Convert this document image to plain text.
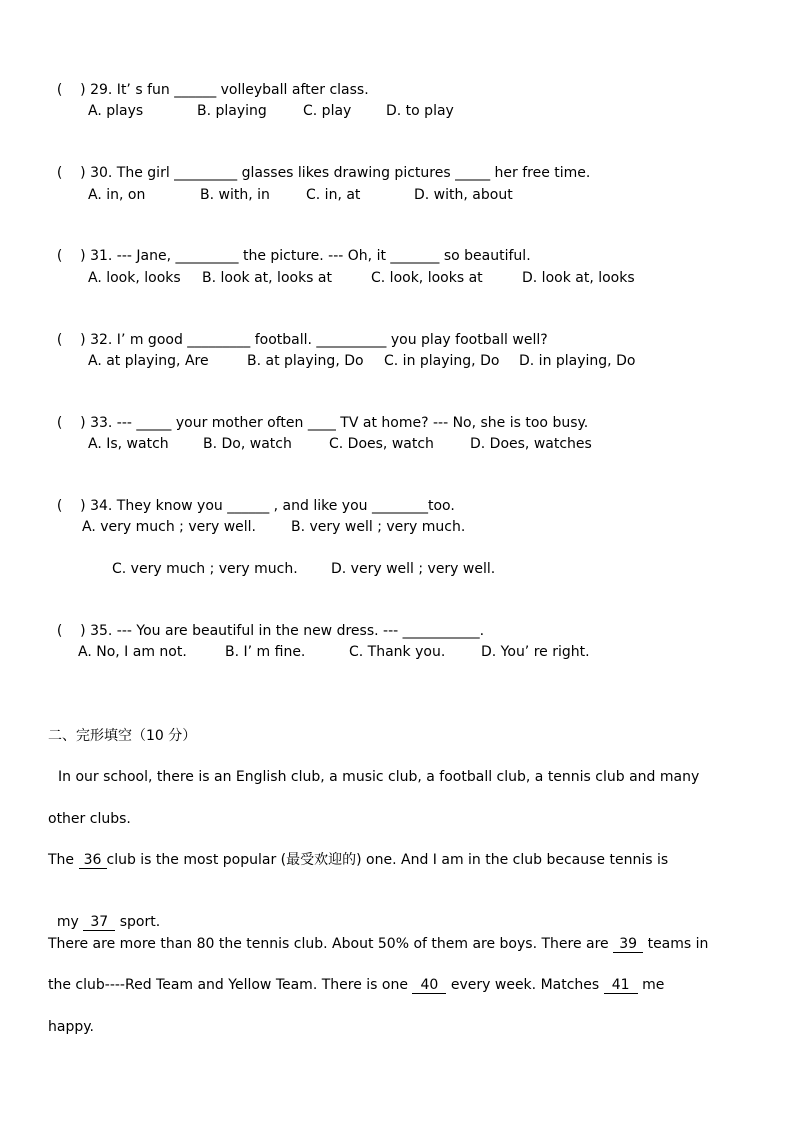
(    ) 29. It’ s fun ______ volleyball after class.

A. plays	B. playing	C. play D. to play

(    ) 30. The girl _________ glasses likes drawing pictures _____ her free time.

A. in, on	B. with, in	C. in, at	D. with, about

(    ) 31. --- Jane, _________ the picture. --- Oh, it _______ so beautiful.

A. look, looks B. look at, looks at	C. look, looks at	D. look at, looks

(    ) 32. I’ m good _________ football. __________ you play football well?

A. at playing, Are	B. at playing, Do C. in playing, Do D. in playing, Do

(    ) 33. --- _____ your mother often ____ TV at home? --- No, she is too busy.

A. Is, watch B. Do, watch	C. Does, watch	D. Does, watches

(    ) 34. They know you ______ , and like you ________too.

A. very much ; very well. B. very well ; very much.
C. very much ; very much. D. very well ; very well.

(    ) 35. --- You are beautiful in the new dress. --- ___________.

A. No, I am not.	B. I’ m fine.	C. Thank you.	D. You’ re right.
二、完形填空（10 分）
In our school, there is an English club, a music club, a football club, a tennis club and many
other clubs.
The 36 club is the most popular (最受欢迎的) one. And I am in the club because tennis is

my 37 sport.

There are more than 80 the tennis club. About 50% of them are boys. There are 39 teams in
the club----Red Team and Yellow Team. There is one 40 every week. Matches 41 me
happy.
